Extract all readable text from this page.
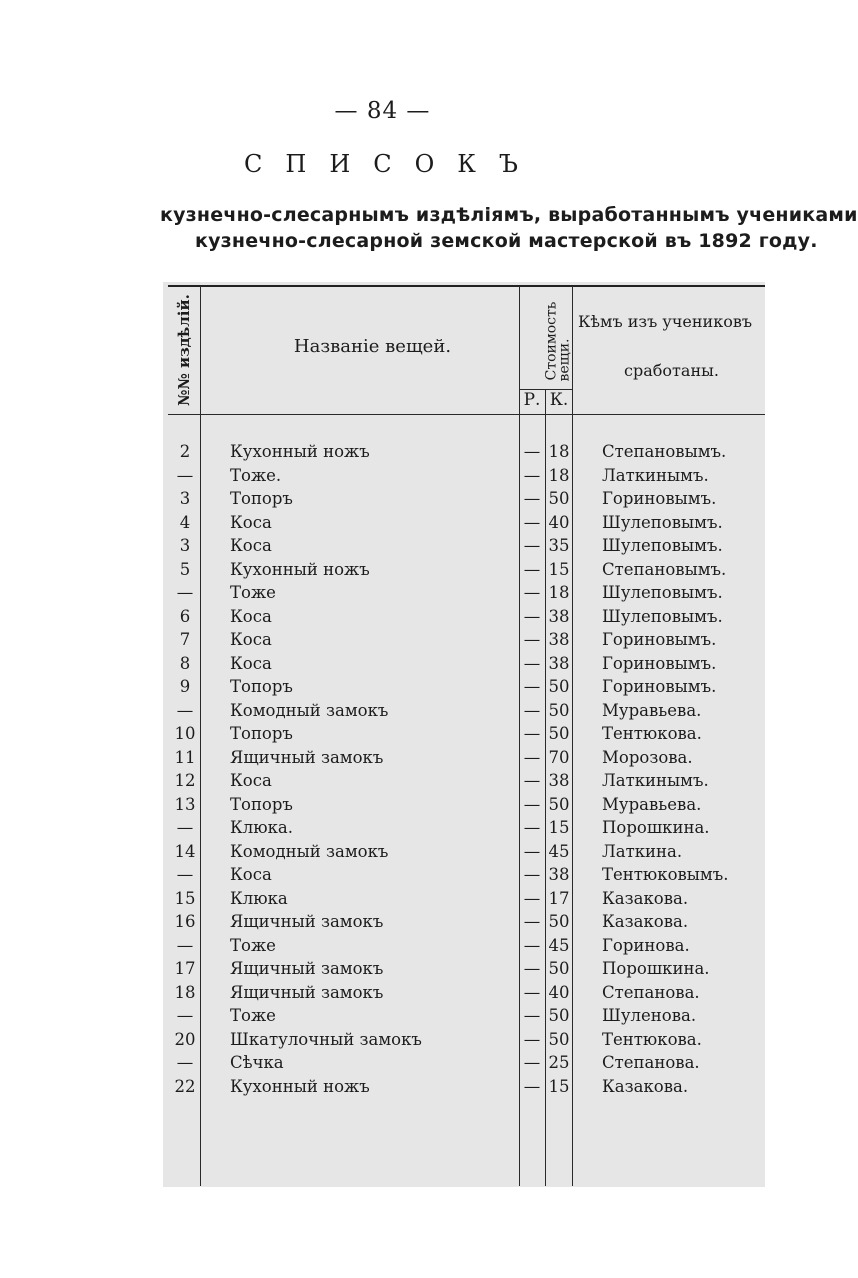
— 84 —
СПИСОКЪ
кузнечно-слесарнымъ издѣлiямъ, выработаннымъ учениками
кузнечно-слесарной земской мастерской въ 1892 году.
№№ издѣлiй.	Названiе вещей.	Стоимость
вещи.
Р. К.
Кѣмъ изъ учениковъ
сработаны.
2	Кухонный ножъ	— 18 Степановымъ.
—	Тоже.	— 18 Латкинымъ.
3	Топоръ	— 50 Гориновымъ.
4	Коса	— 40 Шулеповымъ.
3	Коса	— 35 Шулеповымъ.
5	Кухонный ножъ	— 15 Степановымъ.
—	Тоже	— 18 Шулеповымъ.
6	Коса	— 38 Шулеповымъ.
7	Коса	— 38 Гориновымъ.
8	Коса	— 38 Гориновымъ.
9	Топоръ	— 50 Гориновымъ.
—	Комодный замокъ	— 50 Муравьева.
10 Топоръ	— 50 Тентюкова.
11 Ящичный замокъ	— 70 Морозова.
12 Коса	— 38 Латкинымъ.
13 Топоръ	— 50 Муравьева.
—	Клюка.	— 15 Порошкина.
14 Комодный замокъ	— 45 Латкина.
—	Коса	— 38 Тентюковымъ.
15 Клюка	— 17 Казакова.
16 Ящичный замокъ	— 50 Казакова.
—	Тоже	— 45 Горинова.
17 Ящичный замокъ	— 50 Порошкина.
18 Ящичный замокъ	— 40 Степанова.
—	Тоже	— 50 Шуленова.
20 Шкатулочный замокъ	— 50 Тентюкова.
—	Сѣчка	— 25 Степанова.
22 Кухонный ножъ	— 15 Казакова.
